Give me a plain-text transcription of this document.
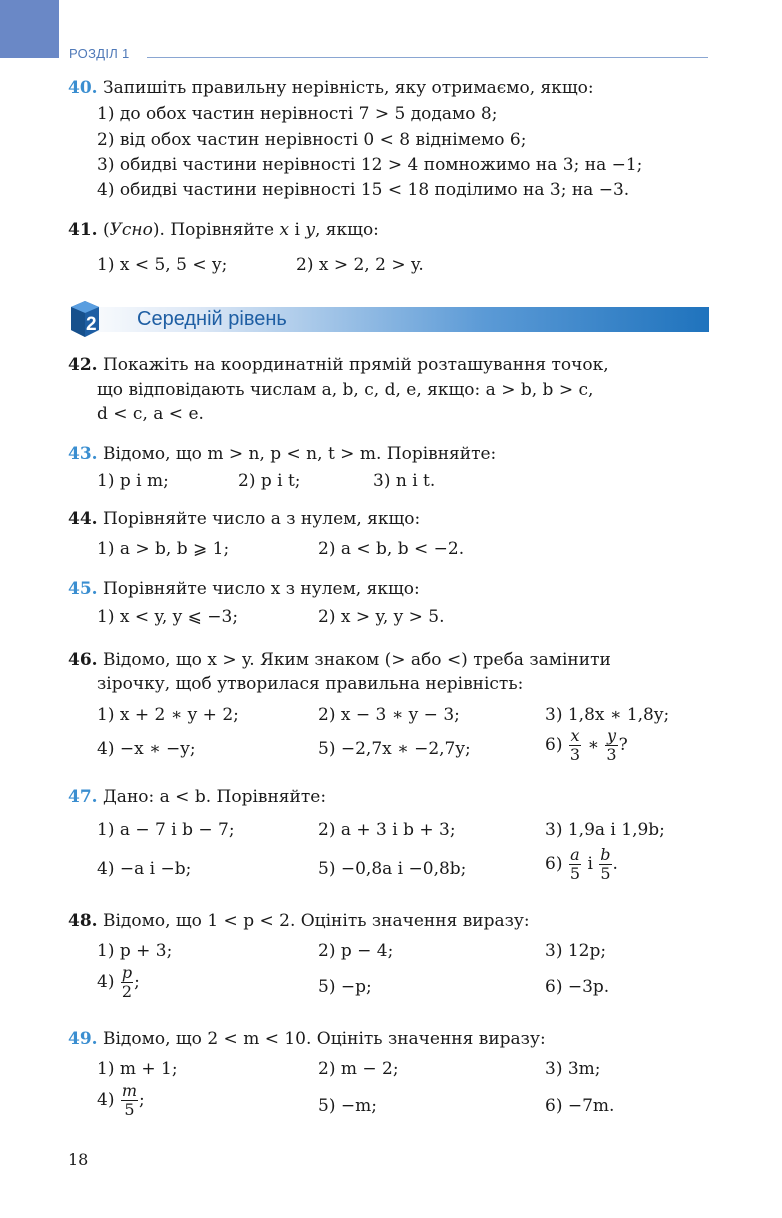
РОЗДІЛ 1
40. Запишіть правильну нерівність, яку отримаємо, якщо:
1) до обох частин нерівності 7 > 5 додамо 8;
2) від обох частин нерівності 0 < 8 віднімемо 6;
3) обидві частини нерівності 12 > 4 помножимо на 3; на −1;
4) обидві частини нерівності 15 < 18 поділимо на 3; на −3.
41. (Усно). Порівняйте x і y, якщо:
1) x < 5, 5 < y;	2) x > 2, 2 > y.
2 Середній рівень
42. Покажіть на координатній прямій розташування точок,
що відповідають числам a, b, c, d, e, якщо: a > b, b > c,
d < c, a < e.
43. Відомо, що m > n, p < n, t > m. Порівняйте:
1) p і m;	2) p і t;	3) n і t.
44. Порівняйте число a з нулем, якщо:
1) a > b, b ⩾ 1;	2) a < b, b < −2.
45. Порівняйте число x з нулем, якщо:
1) x < y, y ⩽ −3;	2) x > y, y > 5.
46. Відомо, що x > y. Яким знаком (> або <) треба замінити
зірочку, щоб утворилася правильна нерівність:
1) x + 2 ∗ y + 2;	2) x − 3 ∗ y − 3;	3) 1,8x ∗ 1,8y;
4) −x ∗ −y;	5) −2,7x ∗ −2,7y;	$6) \frac{x}{3}$ ∗ $\frac{y}{3}$ ?
47. Дано: a < b. Порівняйте:
1) a − 7 і b − 7;	2) a + 3 і b + 3;	3) 1,9a і 1,9b;
4) −a і −b;	5) −0,8a і −0,8b;	$6) \frac{a}{5}$ і $\frac{b}{5}$ .
48. Відомо, що 1 < p < 2. Оцініть значення виразу:
1) p + 3;	2) p − 4;	3) 12p;
$4) \frac{p}{2}$ ;	5) −p;	6) −3p.
49. Відомо, що 2 < m < 10. Оцініть значення виразу:
1) m + 1;	2) m − 2;	3) 3m;
$4) \frac{m}{5}$ ;	5) −m;	6) −7m.
18
